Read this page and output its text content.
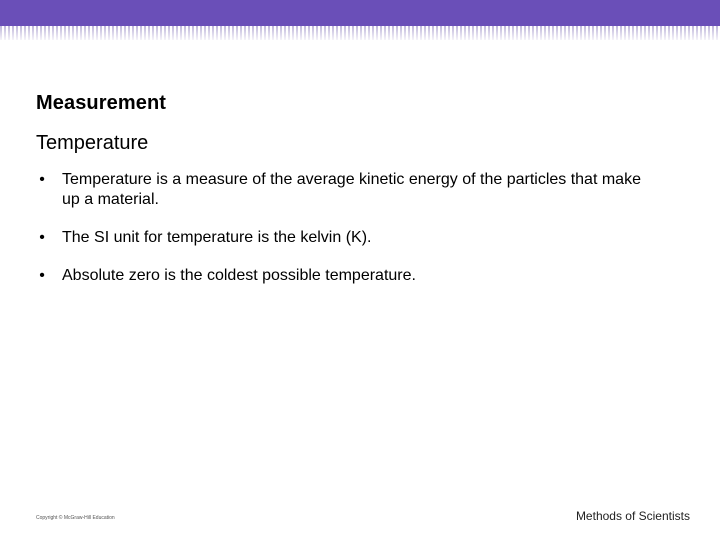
Measurement
Temperature
• Temperature is a measure of the average kinetic energy of the particles that make up a material.
• The SI unit for temperature is the kelvin (K).
• Absolute zero is the coldest possible temperature.
Copyright © McGraw-Hill Education	Methods of Scientists
